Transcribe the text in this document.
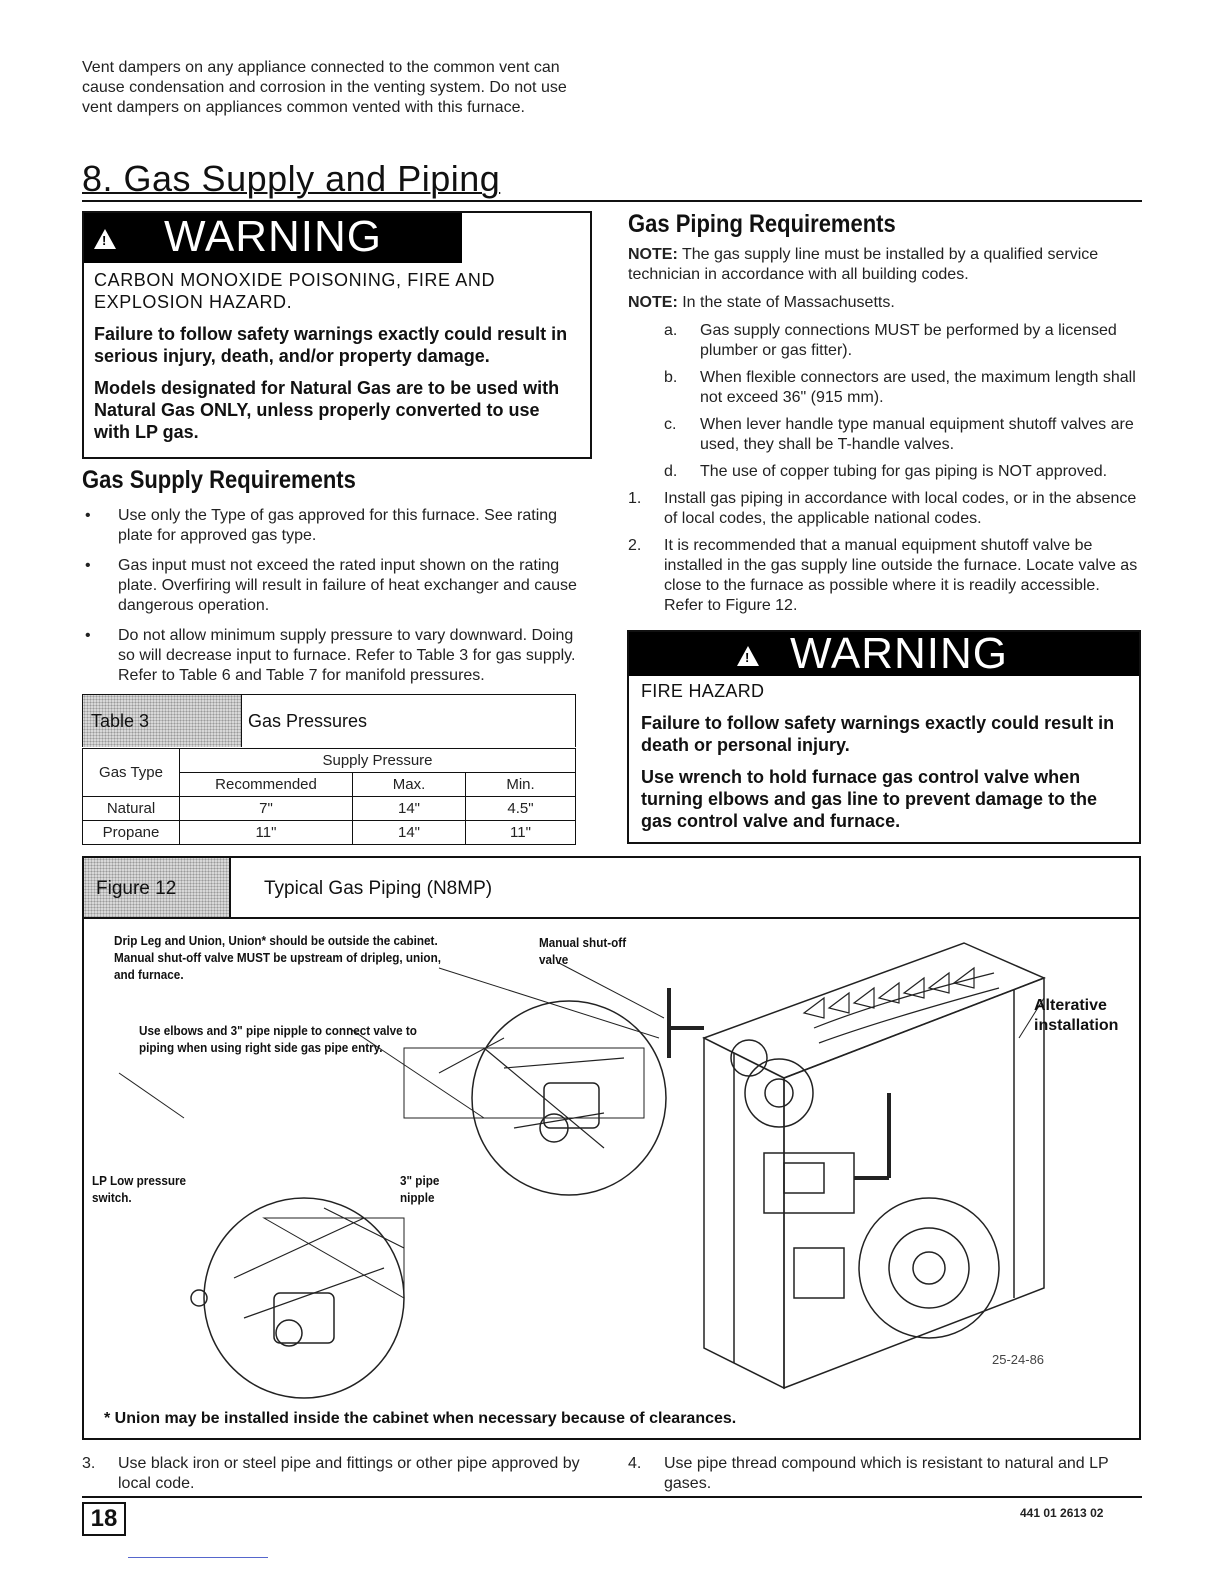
Vent dampers on any appliance connected to the common vent can cause condensation and corrosion in the venting system. Do not use vent dampers on appliances common vented with this furnace.
8. Gas Supply and Piping
!
WARNING

CARBON MONOXIDE POISONING, FIRE AND EXPLOSION HAZARD.

Failure to follow safety warnings exactly could result in serious injury, death, and/or property damage.

Models designated for Natural Gas are to be used with Natural Gas ONLY, unless properly converted to use with LP gas.

Gas Supply Requirements
• Use only the Type of gas approved for this furnace. See rating plate for approved gas type.
• Gas input must not exceed the rated input shown on the rating plate. Overfiring will result in failure of heat exchanger and cause dangerous operation.
• Do not allow minimum supply pressure to vary downward. Doing so will decrease input to furnace. Refer to Table 3 for gas supply. Refer to Table 6 and Table 7 for manifold pressures.
Table 3	Gas Pressures
Gas Type	Supply Pressure		
	Recommended	Max.	Min.
Natural	7"	14"	4.5"
Propane	11"	14"	11"
Gas Piping Requirements
NOTE: The gas supply line must be installed by a qualified service technician in accordance with all building codes.
NOTE: In the state of Massachusetts.
a. Gas supply connections MUST be performed by a licensed plumber or gas fitter).
b. When flexible connectors are used, the maximum length shall not exceed 36" (915 mm).
c. When lever handle type manual equipment shutoff valves are used, they shall be T-handle valves.
d. The use of copper tubing for gas piping is NOT approved.
1. Install gas piping in accordance with local codes, or in the absence of local codes, the applicable national codes.
2. It is recommended that a manual equipment shutoff valve be installed in the gas supply line outside the furnace. Locate valve as close to the furnace as possible where it is readily accessible. Refer to Figure 12.
!
WARNING

FIRE HAZARD

Failure to follow safety warnings exactly could result in death or personal injury.

Use wrench to hold furnace gas control valve when turning elbows and gas line to prevent damage to the gas control valve and furnace.

Figure 12	Typical Gas Piping (N8MP)
Drip Leg and Union, Union* should be outside the cabinet. Manual shut-off valve MUST be upstream of dripleg, union, and furnace.
Manual shut-off valve
Alterative installation
Use elbows and 3" pipe nipple to connect valve to piping when using right side gas pipe entry.
LP Low pressure switch.
3" pipe nipple
25-24-86
* Union may be installed inside the cabinet when necessary because of clearances.
3. Use black iron or steel pipe and fittings or other pipe approved by local code.
4. Use pipe thread compound which is resistant to natural and LP gases.
18	441 01 2613 02
